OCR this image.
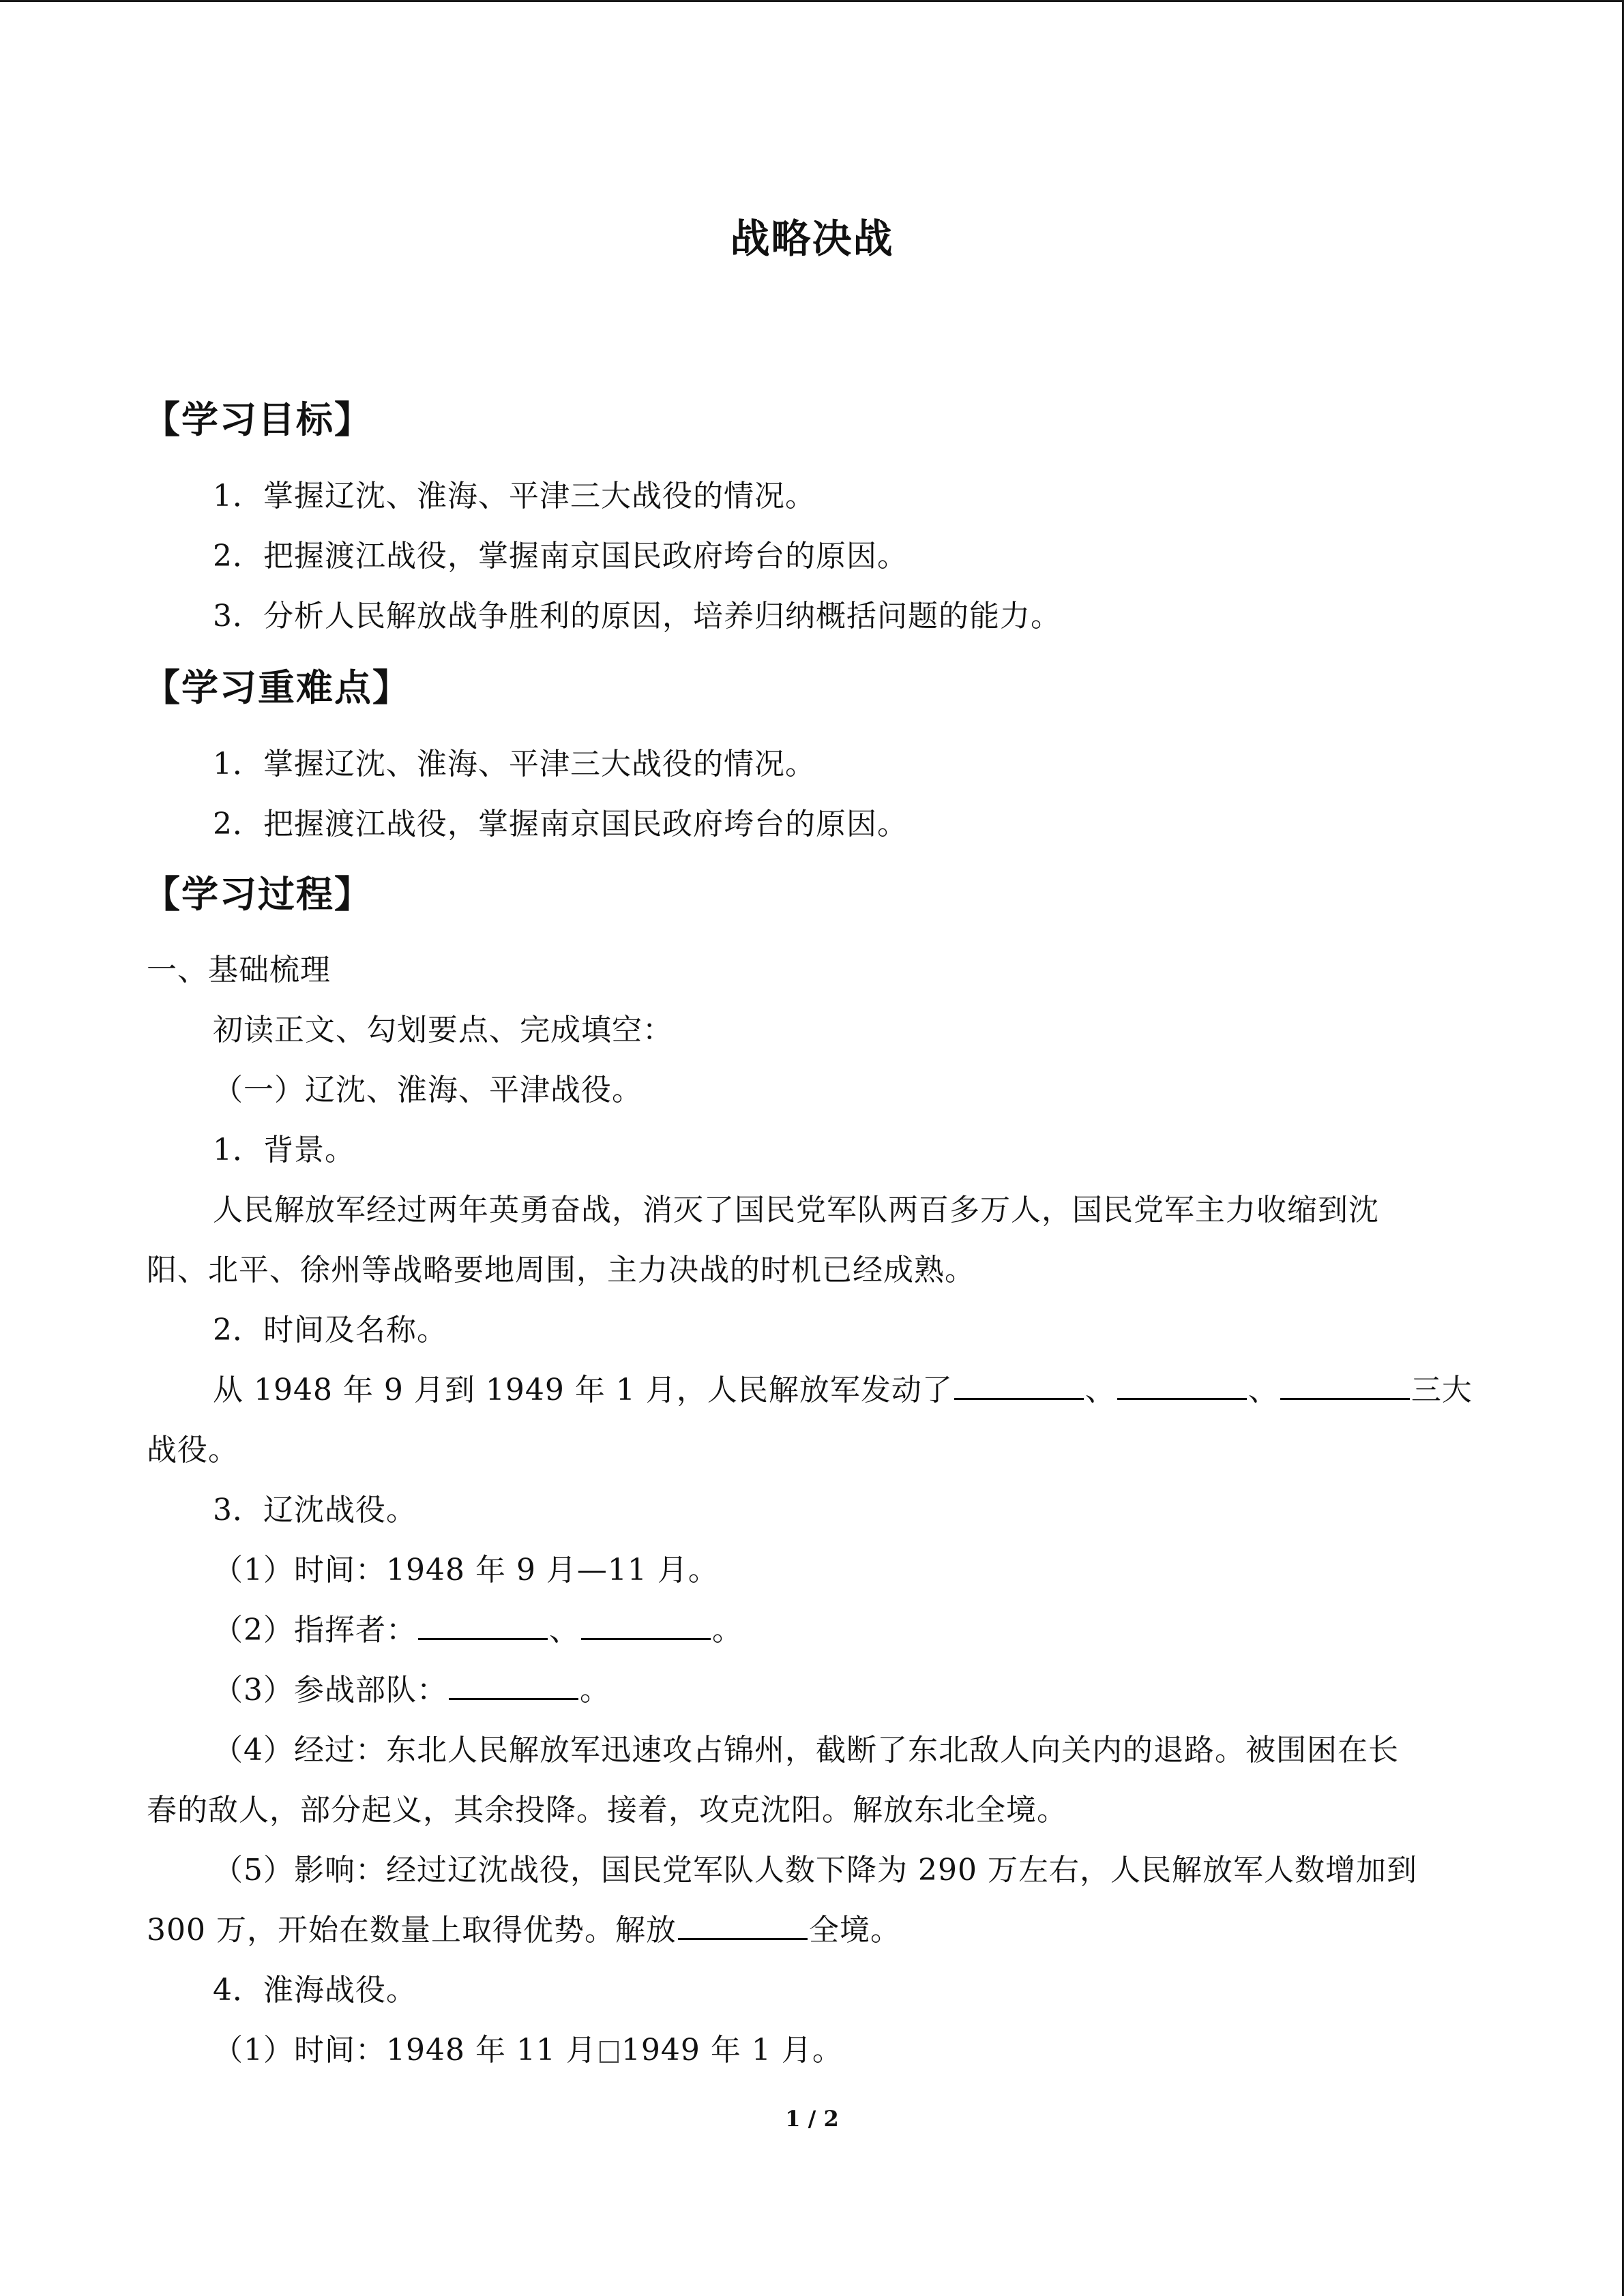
战略决战
【学习目标】
1．掌握辽沈、淮海、平津三大战役的情况。
2．把握渡江战役，掌握南京国民政府垮台的原因。
3．分析人民解放战争胜利的原因，培养归纳概括问题的能力。
【学习重难点】
1．掌握辽沈、淮海、平津三大战役的情况。
2．把握渡江战役，掌握南京国民政府垮台的原因。
【学习过程】
一、基础梳理
初读正文、勾划要点、完成填空：
（一）辽沈、淮海、平津战役。
1．背景。
人民解放军经过两年英勇奋战，消灭了国民党军队两百多万人，国民党军主力收缩到沈
阳、北平、徐州等战略要地周围，主力决战的时机已经成熟。
2．时间及名称。
从 1948 年 9 月到 1949 年 1 月，人民解放军发动了	、	、	三大
战役。
3．辽沈战役。
（1）时间：1948 年 9 月—11 月。
（2）指挥者：	、	。
（3）参战部队：	。
（4）经过：东北人民解放军迅速攻占锦州，截断了东北敌人向关内的退路。被围困在长
春的敌人，部分起义，其余投降。接着，攻克沈阳。解放东北全境。
（5）影响：经过辽沈战役，国民党军队人数下降为 290 万左右，人民解放军人数增加到
300 万，开始在数量上取得优势。解放	全境。
4．淮海战役。
（1）时间：1948 年 11 月 1949 年 1 月。
1 / 2
